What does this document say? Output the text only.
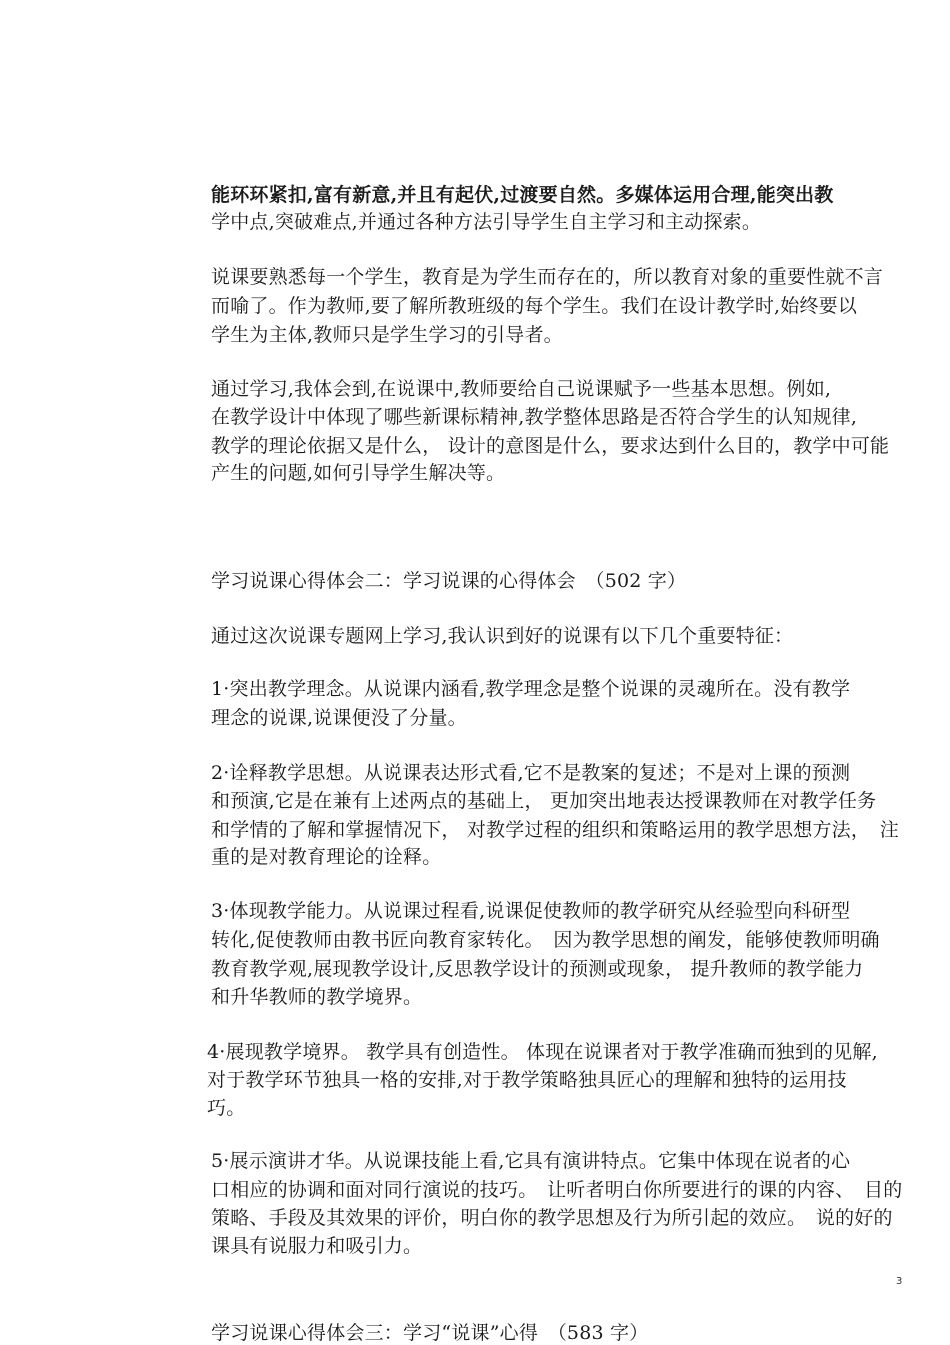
能环环紧扣,富有新意,并且有起伏,过渡要自然。多媒体运用合理,能突出教
学中点,突破难点,并通过各种方法引导学生自主学习和主动探索。
说课要熟悉每一个学生，教育是为学生而存在的，所以教育对象的重要性就不言
而喻了。作为教师,要了解所教班级的每个学生。我们在设计教学时,始终要以
学生为主体,教师只是学生学习的引导者。
通过学习,我体会到,在说课中,教师要给自己说课赋予一些基本思想。例如,
在教学设计中体现了哪些新课标精神,教学整体思路是否符合学生的认知规律,
教学的理论依据又是什么， 设计的意图是什么，要求达到什么目的，教学中可能
产生的问题,如何引导学生解决等。
学习说课心得体会二：学习说课的心得体会　（502 字）
通过这次说课专题网上学习,我认识到好的说课有以下几个重要特征：
1·突出教学理念。从说课内涵看,教学理念是整个说课的灵魂所在。没有教学
理念的说课,说课便没了分量。
2·诠释教学思想。从说课表达形式看,它不是教案的复述；不是对上课的预测
和预演,它是在兼有上述两点的基础上， 更加突出地表达授课教师在对教学任务
和学情的了解和掌握情况下， 对教学过程的组织和策略运用的教学思想方法，　注
重的是对教育理论的诠释。
3·体现教学能力。从说课过程看,说课促使教师的教学研究从经验型向科研型
转化,促使教师由教书匠向教育家转化。　因为教学思想的阐发，能够使教师明确
教育教学观,展现教学设计,反思教学设计的预测或现象， 提升教师的教学能力
和升华教师的教学境界。
4·展现教学境界。 教学具有创造性。 体现在说课者对于教学准确而独到的见解,
对于教学环节独具一格的安排,对于教学策略独具匠心的理解和独特的运用技
巧。
5·展示演讲才华。从说课技能上看,它具有演讲特点。它集中体现在说者的心
口相应的协调和面对同行演说的技巧。　让听者明白你所要进行的课的内容、　目的
策略、手段及其效果的评价，明白你的教学思想及行为所引起的效应。　说的好的
课具有说服力和吸引力。
3
学习说课心得体会三：学习“说课”心得　（583 字）
